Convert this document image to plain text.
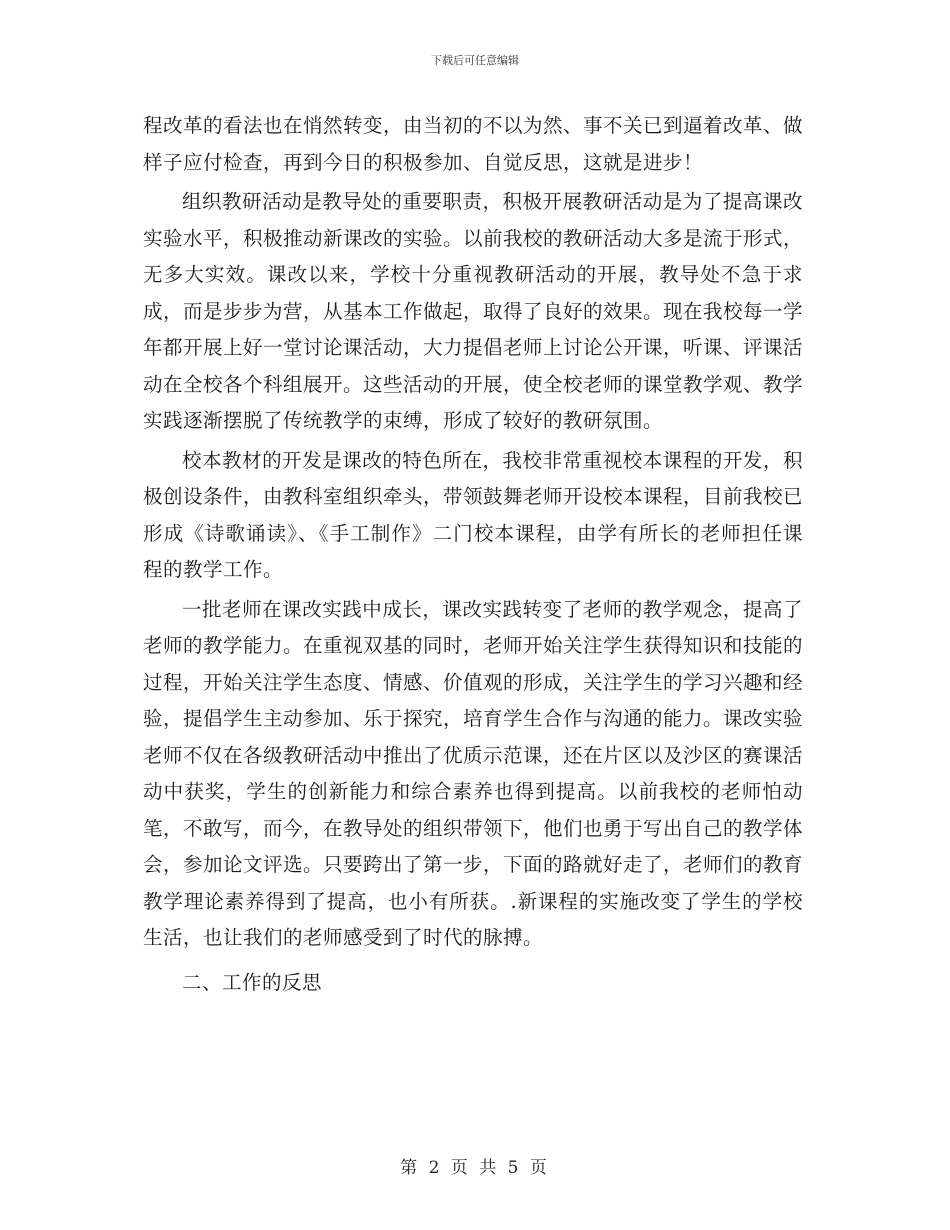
下载后可任意编辑

程改革的看法也在悄然转变，由当初的不以为然、事不关已到逼着改革、做样子应付检查，再到今日的积极参加、自觉反思，这就是进步！

组织教研活动是教导处的重要职责，积极开展教研活动是为了提高课改实验水平，积极推动新课改的实验。以前我校的教研活动大多是流于形式，无多大实效。课改以来，学校十分重视教研活动的开展，教导处不急于求成，而是步步为营，从基本工作做起，取得了良好的效果。现在我校每一学年都开展上好一堂讨论课活动，大力提倡老师上讨论公开课，听课、评课活动在全校各个科组展开。这些活动的开展，使全校老师的课堂教学观、教学实践逐渐摆脱了传统教学的束缚，形成了较好的教研氛围。

校本教材的开发是课改的特色所在，我校非常重视校本课程的开发，积极创设条件，由教科室组织牵头，带领鼓舞老师开设校本课程，目前我校已形成《诗歌诵读》、《手工制作》二门校本课程，由学有所长的老师担任课程的教学工作。

一批老师在课改实践中成长，课改实践转变了老师的教学观念，提高了老师的教学能力。在重视双基的同时，老师开始关注学生获得知识和技能的过程，开始关注学生态度、情感、价值观的形成，关注学生的学习兴趣和经验，提倡学生主动参加、乐于探究，培育学生合作与沟通的能力。课改实验老师不仅在各级教研活动中推出了优质示范课，还在片区以及沙区的赛课活动中获奖，学生的创新能力和综合素养也得到提高。以前我校的老师怕动笔，不敢写，而今，在教导处的组织带领下，他们也勇于写出自己的教学体会，参加论文评选。只要跨出了第一步，下面的路就好走了，老师们的教育教学理论素养得到了提高，也小有所获。.新课程的实施改变了学生的学校生活，也让我们的老师感受到了时代的脉搏。

二、工作的反思

第 2 页 共 5 页
